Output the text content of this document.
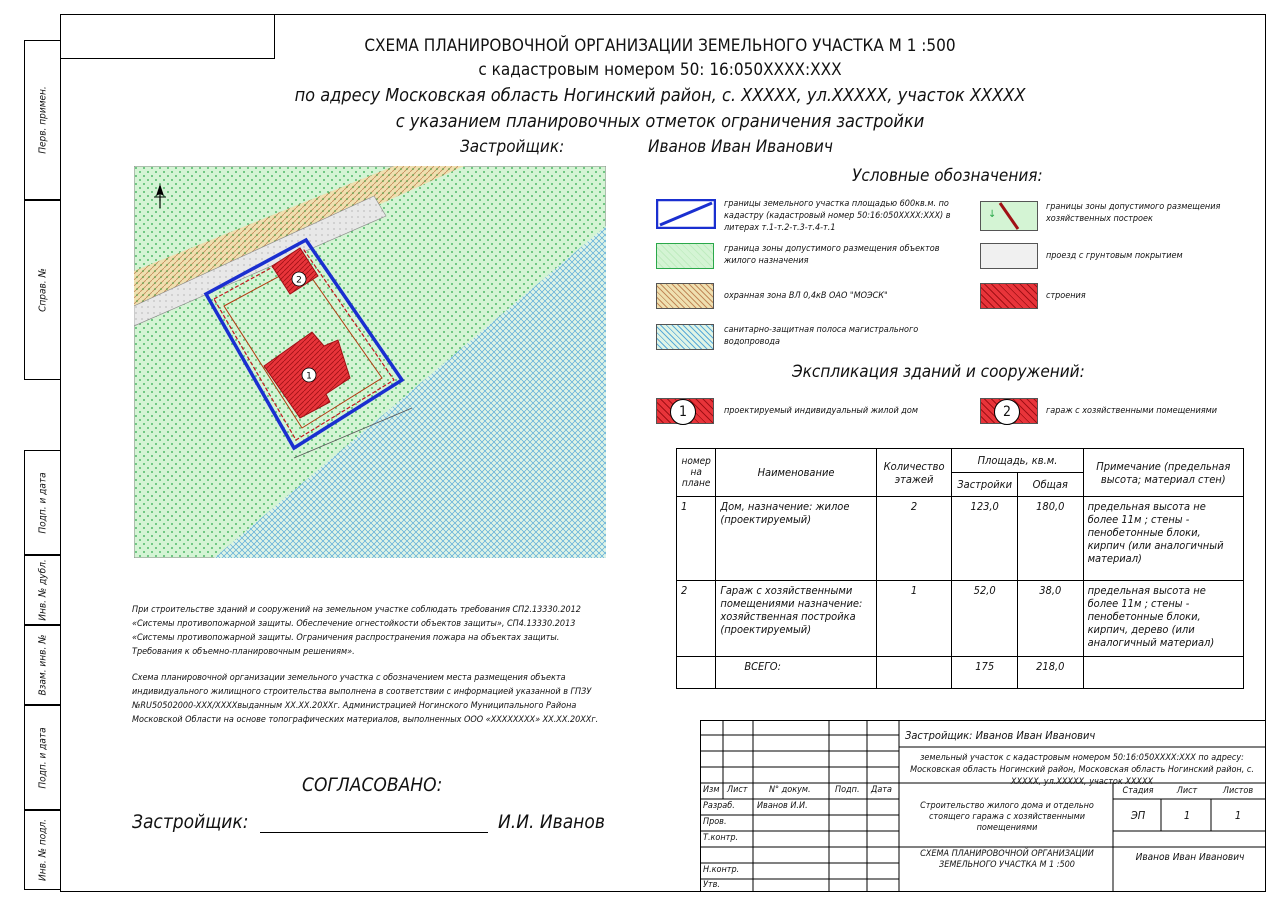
Перв. примен.
Справ. №
Подп. и дата
Инв. № дубл.
Взам. инв. №
Подп. и дата
Инв. № подл.
СХЕМА ПЛАНИРОВОЧНОЙ ОРГАНИЗАЦИИ ЗЕМЕЛЬНОГО УЧАСТКА М 1 :500
с кадастровым номером 50: 16:050XXXX:XXX
по адресу Московская область Ногинский район, с. XXXXX, ул.XXXXX, участок XXXXX
с указанием планировочных отметок ограничения застройки
Застройщик:	Иванов Иван Иванович
1
2
Условные обозначения:
границы земельного участка площадью 600кв.м. по кадастру (кадастровый номер 50:16:050XXXX:XXX) в литерах т.1-т.2-т.3-т.4-т.1
граница зоны допустимого размещения объектов жилого назначения
охранная зона ВЛ 0,4кВ ОАО "МОЭСК"
санитарно-защитная полоса магистрального водопровода
↓
границы зоны допустимого размещения хозяйственных построек
проезд с грунтовым покрытием
строения
Экспликация зданий и сооружений:
1	проектируемый индивидуальный жилой дом	2	гараж с хозяйственными помещениями
номер на плане	Наименование	Количество этажей	Площадь, кв.м.		Примечание (предельная высота; материал стен)
			Застройки	Общая	
1	Дом, назначение: жилое (проектируемый)	2	123,0	180,0	предельная высота не более 11м ; стены - пенобетонные блоки, кирпич (или аналогичный материал)
2	Гараж с хозяйственными помещениями назначение: хозяйственная постройка (проектируемый)	1	52,0	38,0	предельная высота не более 11м ; стены - пенобетонные блоки, кирпич, дерево (или аналогичный материал)
	ВСЕГО:		175	218,0	
При строительстве зданий и сооружений на земельном участке соблюдать требования СП2.13330.2012 «Системы противопожарной защиты. Обеспечение огнестойкости объектов защиты», СП4.13330.2013 «Системы противопожарной защиты. Ограничения распространения пожара на объектах защиты. Требования к объемно-планировочным решениям».
Схема планировочной организации земельного участка с обозначением места размещения объекта индивидуального жилищного строительства выполнена в соответствии с информацией указанной в ГПЗУ №RU50502000-XXX/XXXXвыданным XX.XX.20XXг. Администрацией Ногинского Муниципального Района Московской Области на основе топографических материалов, выполненных ООО «XXXXXXXX» XX.XX.20XXг.
СОГЛАСОВАНО:
Застройщик:	И.И. Иванов
Изм Лист N° докум.	Подп. Дата
Разраб. Иванов И.И.
Пров.
Т.контр.
Н.контр.
Утв.
Застройщик: Иванов Иван Иванович
земельный участок с кадастровым номером 50:16:050XXXX:XXX по адресу: Московская область Ногинский район, Московская область Ногинский район, с. XXXXX, ул.XXXXX, участок XXXXX
Строительство жилого дома и отдельно стоящего гаража с хозяйственными помещениями
Стадия	Лист	Листов
ЭП	1	1
СХЕМА ПЛАНИРОВОЧНОЙ ОРГАНИЗАЦИИ ЗЕМЕЛЬНОГО УЧАСТКА М 1 :500
Иванов Иван Иванович
